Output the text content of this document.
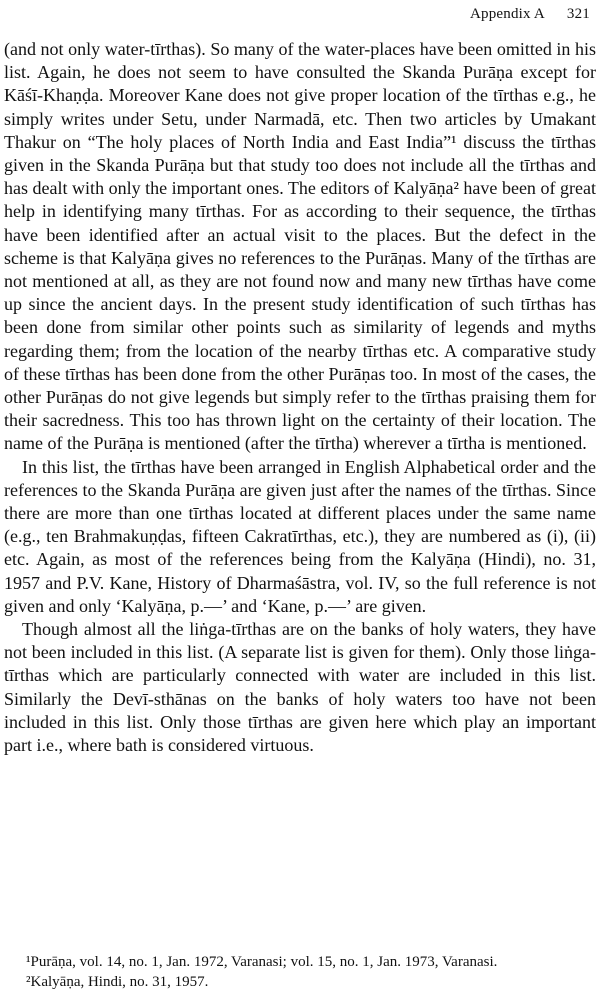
Appendix A 321

(and not only water-tīrthas). So many of the water-places have been omitted in his list. Again, he does not seem to have consulted the Skanda Purāṇa except for Kāśī-Khaṇḍa. Moreover Kane does not give proper location of the tīrthas e.g., he simply writes under Setu, under Narmadā, etc. Then two articles by Umakant Thakur on “The holy places of North India and East India”¹ discuss the tīrthas given in the Skanda Purāṇa but that study too does not include all the tīrthas and has dealt with only the important ones. The editors of Kalyāṇa² have been of great help in identifying many tīrthas. For as according to their sequence, the tīrthas have been identified after an actual visit to the places. But the defect in the scheme is that Kalyāṇa gives no references to the Purāṇas. Many of the tīrthas are not mentioned at all, as they are not found now and many new tīrthas have come up since the ancient days. In the present study identification of such tīrthas has been done from similar other points such as similarity of legends and myths regarding them; from the location of the nearby tīrthas etc. A comparative study of these tīrthas has been done from the other Purāṇas too. In most of the cases, the other Purāṇas do not give legends but simply refer to the tīrthas praising them for their sacredness. This too has thrown light on the certainty of their location. The name of the Purāṇa is mentioned (after the tīrtha) wherever a tīrtha is mentioned.

In this list, the tīrthas have been arranged in English Alphabetical order and the references to the Skanda Purāṇa are given just after the names of the tīrthas. Since there are more than one tīrthas located at different places under the same name (e.g., ten Brahmakuṇḍas, fifteen Cakratīrthas, etc.), they are numbered as (i), (ii) etc. Again, as most of the references being from the Kalyāṇa (Hindi), no. 31, 1957 and P.V. Kane, History of Dharmaśāstra, vol. IV, so the full reference is not given and only ‘Kalyāṇa, p.—’ and ‘Kane, p.—’ are given.

Though almost all the liṅga-tīrthas are on the banks of holy waters, they have not been included in this list. (A separate list is given for them). Only those liṅga-tīrthas which are particularly connected with water are included in this list. Similarly the Devī-sthānas on the banks of holy waters too have not been included in this list. Only those tīrthas are given here which play an important part i.e., where bath is considered virtuous.

¹Purāṇa, vol. 14, no. 1, Jan. 1972, Varanasi; vol. 15, no. 1, Jan. 1973, Varanasi.
²Kalyāṇa, Hindi, no. 31, 1957.
